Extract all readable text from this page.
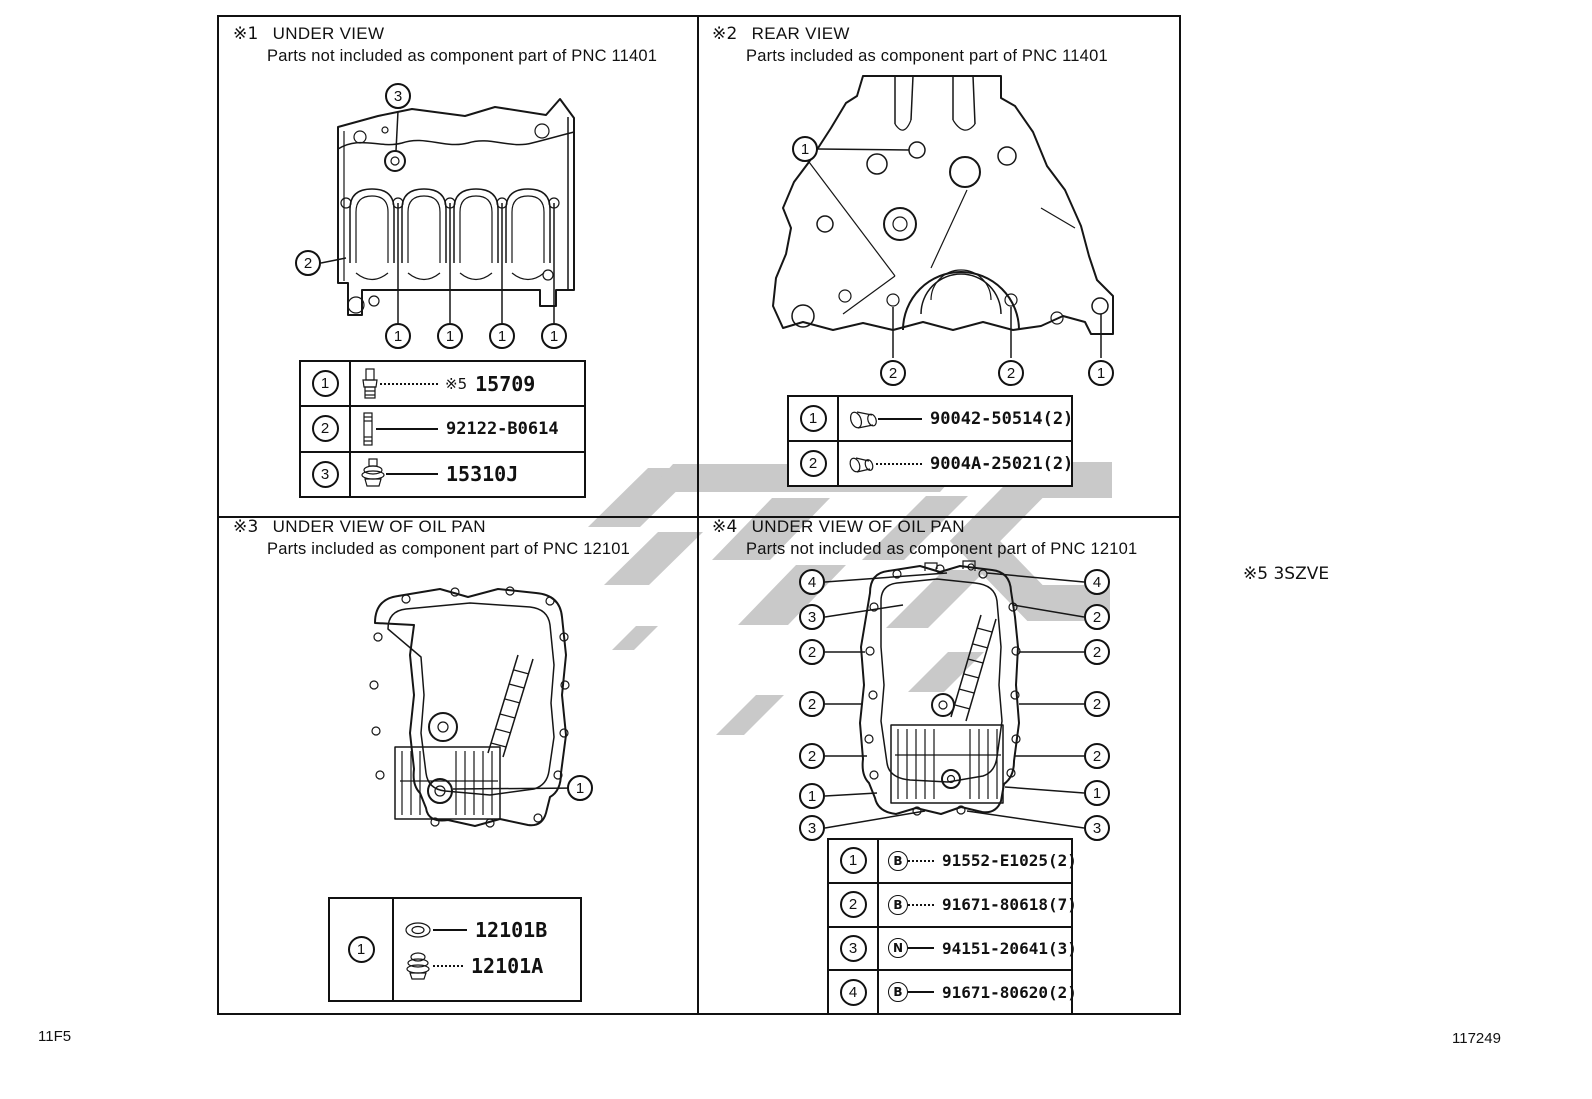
※1 UNDER VIEW
Parts not included as component part of PNC 11401
3
2
1	1	1	1
1	※5 15709
2	92122-B0614
3	15310J
※2 REAR VIEW
Parts included as component part of PNC 11401
1
2	2	1
1	90042-50514(2)
2	9004A-25021(2)
※3 UNDER VIEW OF OIL PAN
Parts included as component part of PNC 12101
1
1
12101B
12101A
※4 UNDER VIEW OF OIL PAN
Parts not included as component part of PNC 12101
4
3
2
2
2
1
3
4
2
2
2
2
1
3
1	B	91552-E1025(2)
2	B	91671-80618(7)
3	N	94151-20641(3)
4	B	91671-80620(2)
※5 3SZVE
11F5	117249
